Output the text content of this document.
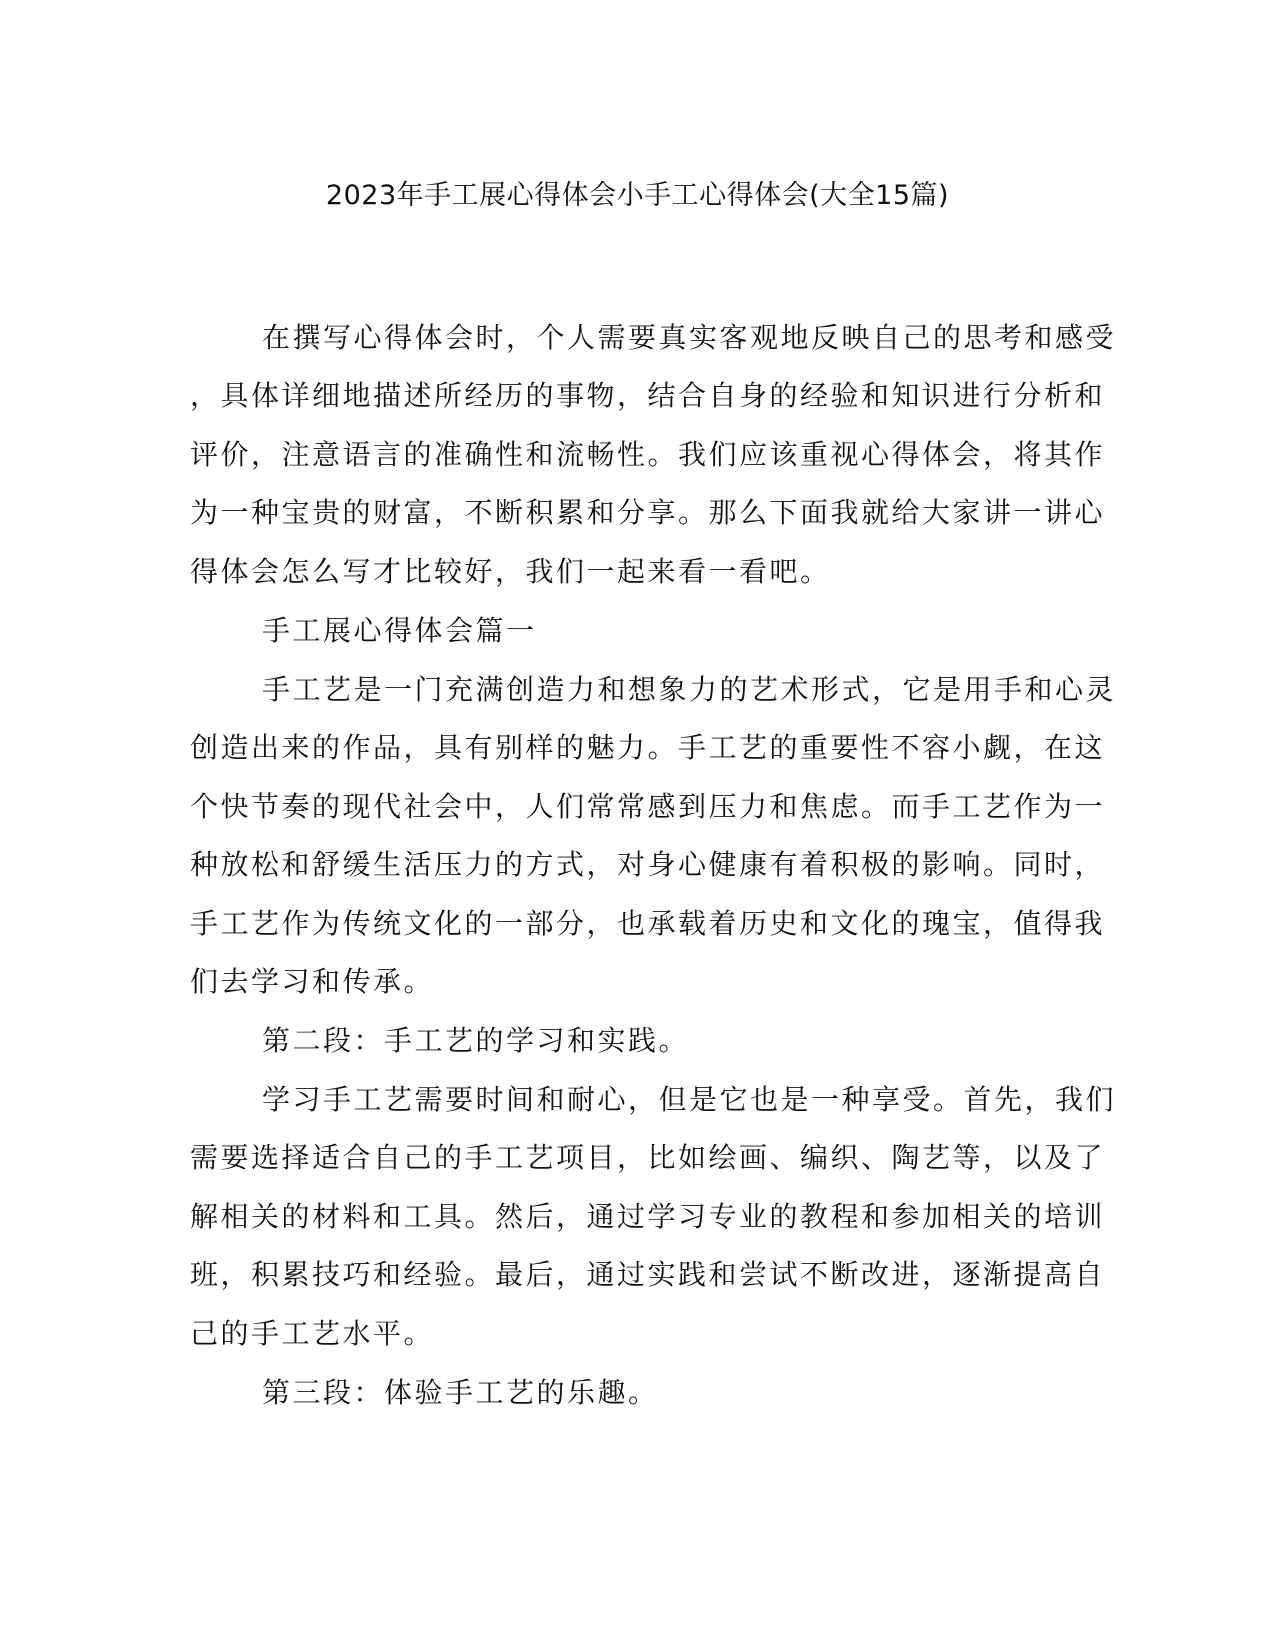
2023年手工展心得体会小手工心得体会(大全15篇)
在撰写心得体会时，个人需要真实客观地反映自己的思考和感受
，具体详细地描述所经历的事物，结合自身的经验和知识进行分析和
评价，注意语言的准确性和流畅性。我们应该重视心得体会，将其作
为一种宝贵的财富，不断积累和分享。那么下面我就给大家讲一讲心
得体会怎么写才比较好，我们一起来看一看吧。
手工展心得体会篇一
手工艺是一门充满创造力和想象力的艺术形式，它是用手和心灵
创造出来的作品，具有别样的魅力。手工艺的重要性不容小觑，在这
个快节奏的现代社会中，人们常常感到压力和焦虑。而手工艺作为一
种放松和舒缓生活压力的方式，对身心健康有着积极的影响。同时，
手工艺作为传统文化的一部分，也承载着历史和文化的瑰宝，值得我
们去学习和传承。
第二段：手工艺的学习和实践。
学习手工艺需要时间和耐心，但是它也是一种享受。首先，我们
需要选择适合自己的手工艺项目，比如绘画、编织、陶艺等，以及了
解相关的材料和工具。然后，通过学习专业的教程和参加相关的培训
班，积累技巧和经验。最后，通过实践和尝试不断改进，逐渐提高自
己的手工艺水平。
第三段：体验手工艺的乐趣。
